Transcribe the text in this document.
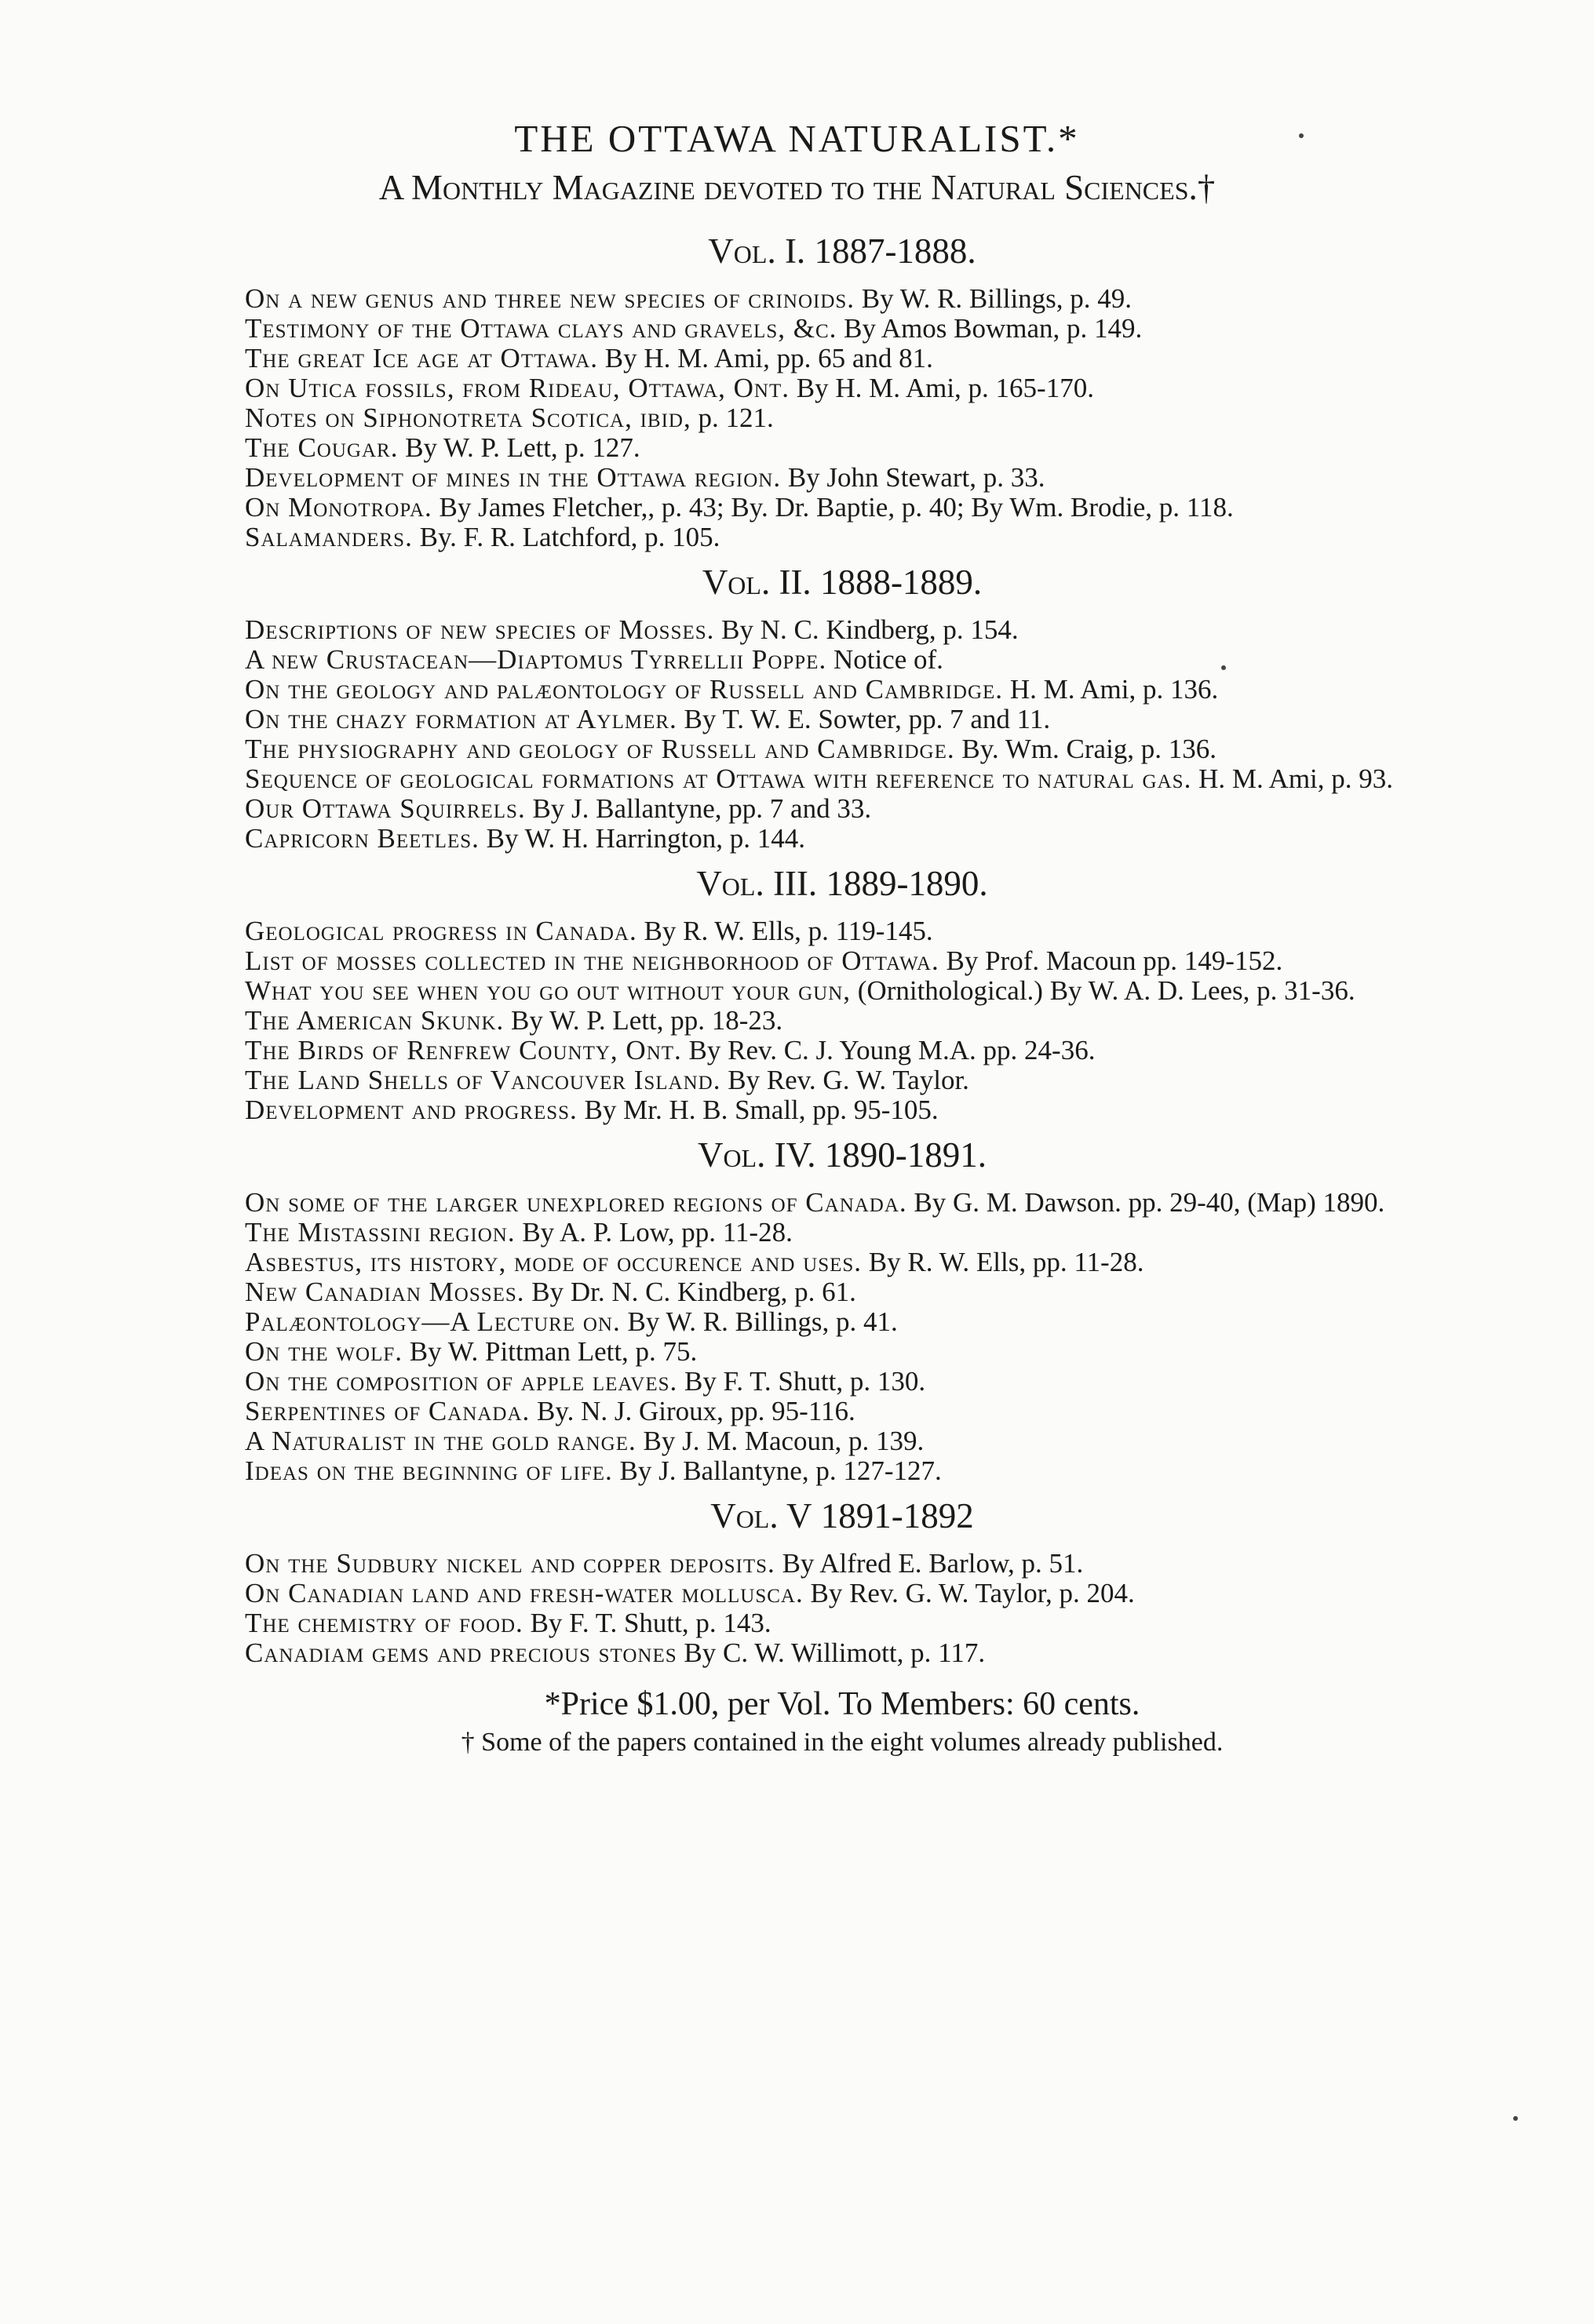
THE OTTAWA NATURALIST.*
A Monthly Magazine devoted to the Natural Sciences.†
Vol. I. 1887-1888.
On a new genus and three new species of crinoids. By W. R. Billings, p. 49.
Testimony of the Ottawa clays and gravels, &c. By Amos Bowman, p. 149.
The great Ice age at Ottawa. By H. M. Ami, pp. 65 and 81.
On Utica fossils, from Rideau, Ottawa, Ont. By H. M. Ami, p. 165-170.
Notes on Siphonotreta Scotica, ibid, p. 121.
The Cougar. By W. P. Lett, p. 127.
Development of mines in the Ottawa region. By John Stewart, p. 33.
On Monotropa. By James Fletcher,, p. 43; By. Dr. Baptie, p. 40; By Wm. Brodie, p. 118.
Salamanders. By. F. R. Latchford, p. 105.
Vol. II. 1888-1889.
Descriptions of new species of Mosses. By N. C. Kindberg, p. 154.
A new Crustacean—Diaptomus Tyrrellii Poppe. Notice of.
On the geology and palæontology of Russell and Cambridge. H. M. Ami, p. 136.
On the chazy formation at Aylmer. By T. W. E. Sowter, pp. 7 and 11.
The physiography and geology of Russell and Cambridge. By. Wm. Craig, p. 136.
Sequence of geological formations at Ottawa with reference to natural gas. H. M. Ami, p. 93.
Our Ottawa Squirrels. By J. Ballantyne, pp. 7 and 33.
Capricorn Beetles. By W. H. Harrington, p. 144.
Vol. III. 1889-1890.
Geological progress in Canada. By R. W. Ells, p. 119-145.
List of mosses collected in the neighborhood of Ottawa. By Prof. Macoun pp. 149-152.
What you see when you go out without your gun, (Ornithological.) By W. A. D. Lees, p. 31-36.
The American Skunk. By W. P. Lett, pp. 18-23.
The Birds of Renfrew County, Ont. By Rev. C. J. Young M.A. pp. 24-36.
The Land Shells of Vancouver Island. By Rev. G. W. Taylor.
Development and progress. By Mr. H. B. Small, pp. 95-105.
Vol. IV. 1890-1891.
On some of the larger unexplored regions of Canada. By G. M. Dawson. pp. 29-40, (Map) 1890.
The Mistassini region. By A. P. Low, pp. 11-28.
Asbestus, its history, mode of occurence and uses. By R. W. Ells, pp. 11-28.
New Canadian Mosses. By Dr. N. C. Kindberg, p. 61.
Palæontology—A Lecture on. By W. R. Billings, p. 41.
On the wolf. By W. Pittman Lett, p. 75.
On the composition of apple leaves. By F. T. Shutt, p. 130.
Serpentines of Canada. By. N. J. Giroux, pp. 95-116.
A Naturalist in the gold range. By J. M. Macoun, p. 139.
Ideas on the beginning of life. By J. Ballantyne, p. 127-127.
Vol. V 1891-1892
On the Sudbury nickel and copper deposits. By Alfred E. Barlow, p. 51.
On Canadian land and fresh-water mollusca. By Rev. G. W. Taylor, p. 204.
The chemistry of food. By F. T. Shutt, p. 143.
Canadiam gems and precious stones By C. W. Willimott, p. 117.
*Price $1.00, per Vol. To Members: 60 cents.
† Some of the papers contained in the eight volumes already published.
